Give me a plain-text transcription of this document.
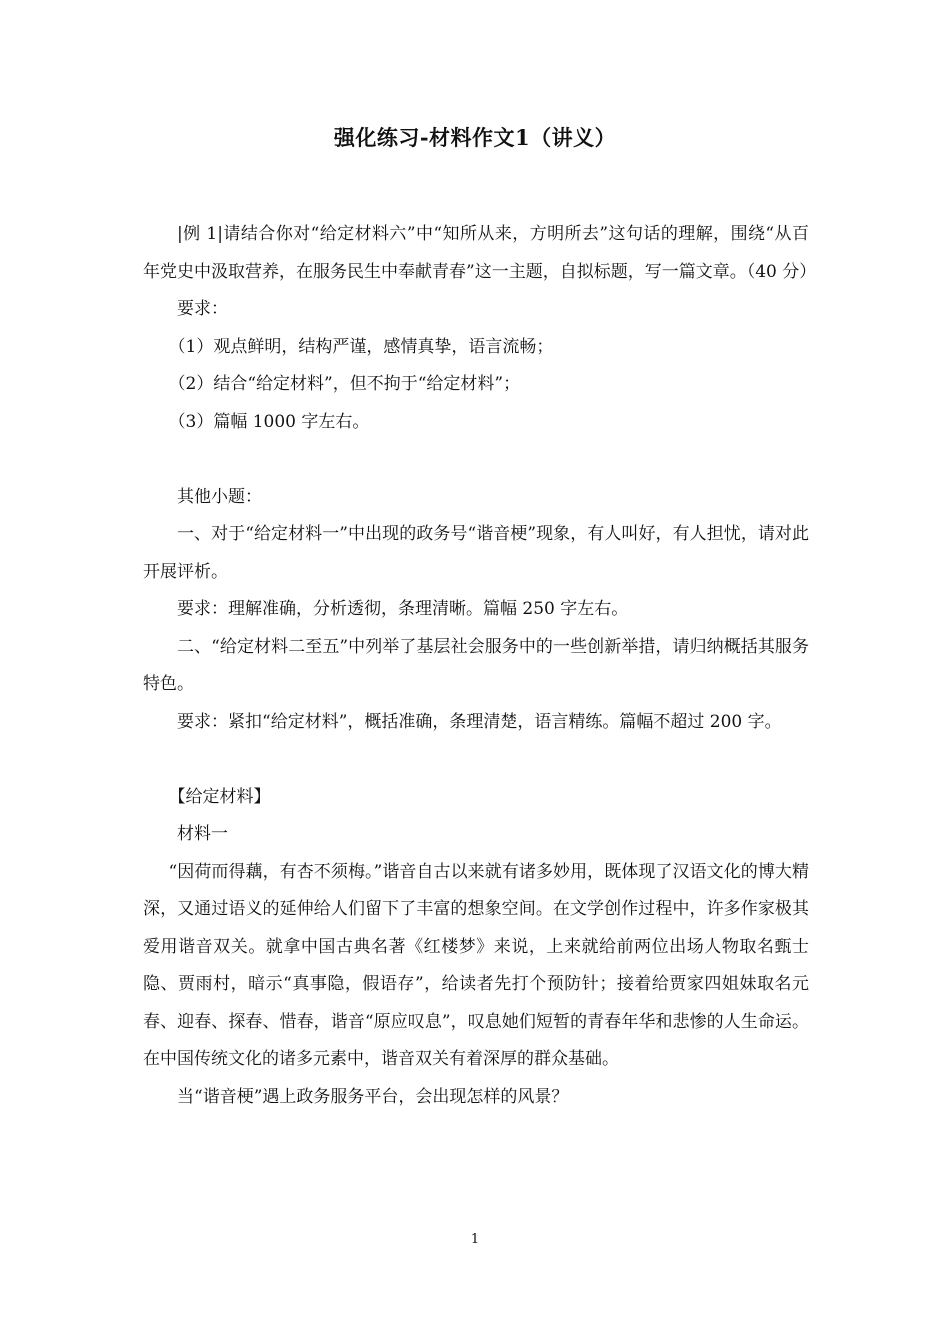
强化练习-材料作文1（讲义）

|例 1|请结合你对“给定材料六”中“知所从来，方明所去”这句话的理解，围绕“从百年党史中汲取营养，在服务民生中奉献青春”这一主题，自拟标题，写一篇文章。（40 分）

要求：

（1）观点鲜明，结构严谨，感情真挚，语言流畅；

（2）结合“给定材料”，但不拘于“给定材料”；

（3）篇幅 1000 字左右。

其他小题：

一、对于“给定材料一”中出现的政务号“谐音梗”现象，有人叫好，有人担忧，请对此开展评析。

要求：理解准确，分析透彻，条理清晰。篇幅 250 字左右。

二、“给定材料二至五”中列举了基层社会服务中的一些创新举措，请归纳概括其服务特色。

要求：紧扣“给定材料”，概括准确，条理清楚，语言精练。篇幅不超过 200 字。

【给定材料】

材料一

“因荷而得藕，有杏不须梅。”谐音自古以来就有诸多妙用，既体现了汉语文化的博大精深，又通过语义的延伸给人们留下了丰富的想象空间。在文学创作过程中，许多作家极其爱用谐音双关。就拿中国古典名著《红楼梦》来说，上来就给前两位出场人物取名甄士隐、贾雨村，暗示“真事隐，假语存”，给读者先打个预防针；接着给贾家四姐妹取名元春、迎春、探春、惜春，谐音“原应叹息”，叹息她们短暂的青春年华和悲惨的人生命运。在中国传统文化的诸多元素中，谐音双关有着深厚的群众基础。

当“谐音梗”遇上政务服务平台，会出现怎样的风景？

1
